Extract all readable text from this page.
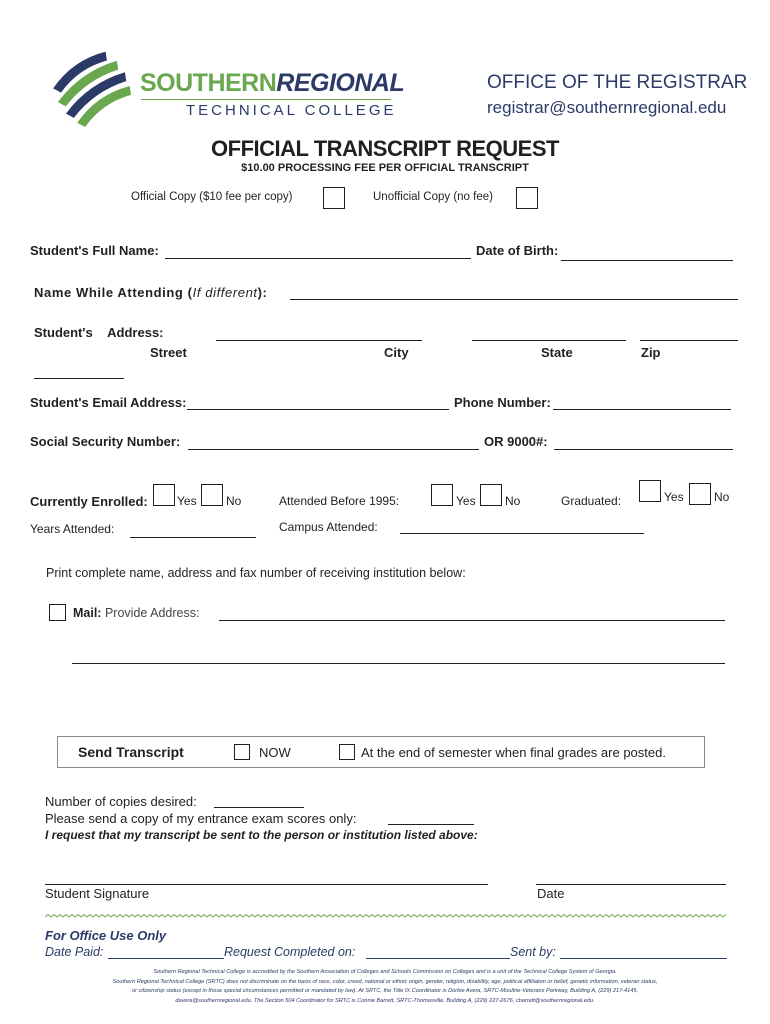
SOUTHERNREGIONAL
TECHNICAL COLLEGE
OFFICE OF THE REGISTRAR
registrar@southernregional.edu
OFFICIAL TRANSCRIPT REQUEST
$10.00 PROCESSING FEE PER OFFICIAL TRANSCRIPT
Official Copy ($10 fee per copy)	Unofficial Copy (no fee)
Student's Full Name:	Date of Birth:
Name While Attending (If different):
Student's Address:
Street	City	State	Zip
Student's Email Address:	Phone Number:
Social Security Number:	OR 9000#:
Currently Enrolled: Yes No	Attended Before 1995:	Yes No	Graduated:	Yes	No
Years Attended:	Campus Attended:
Print complete name, address and fax number of receiving institution below:
Mail: Provide Address:
Send Transcript	NOW	At the end of semester when final grades are posted.
Number of copies desired:
Please send a copy of my entrance exam scores only:
I request that my transcript be sent to the person or institution listed above:
Student Signature	Date
For Office Use Only
Date Paid:	Request Completed on:	Sent by:
Southern Regional Technical College is accredited by the Southern Association of Colleges and Schools Commission on Colleges and is a unit of the Technical College System of Georgia.
Southern Regional Technical College (SRTC) does not discriminate on the basis of race, color, creed, national or ethnic origin, gender, religion, disability, age, political affiliation or belief, genetic information, veteran status,
or citizenship status (except in those special circumstances permitted or mandated by law). At SRTC, the Title IX Coordinator is Dorbie Avera, SRTC-Moultrie-Veterans Parkway, Building A, (229) 217-4145,
davera@southernregional.edu. The Section 504 Coordinator for SRTC is Connie Barrett, SRTC-Thomasville, Building A, (229) 227-2676, cbarrett@southernregional.edu.
